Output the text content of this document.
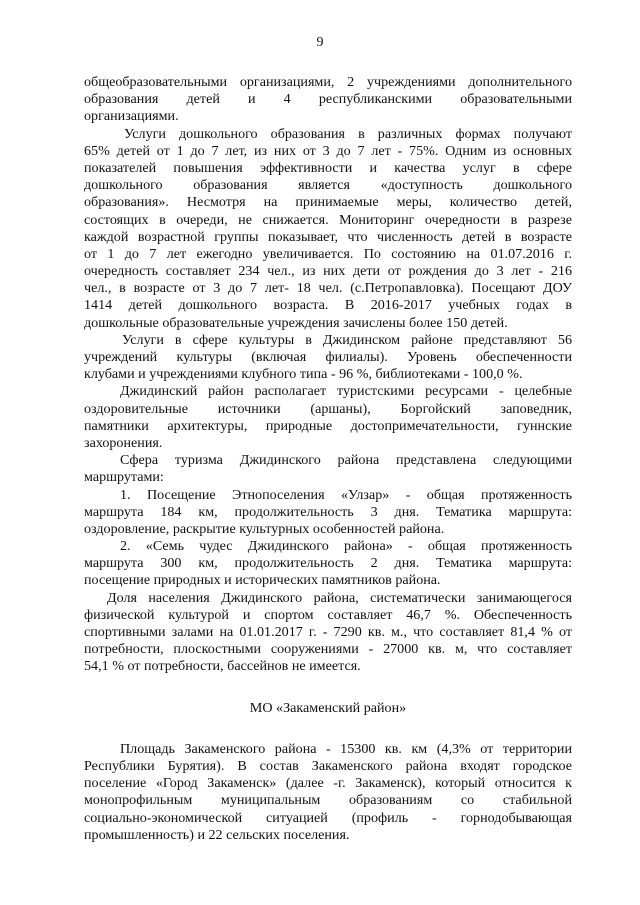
9
общеобразовательными организациями, 2 учреждениями дополнительного
образования детей и 4 республиканскими образовательными
организациями.
Услуги дошкольного образования в различных формах получают
65% детей от 1 до 7 лет, из них от 3 до 7 лет - 75%. Одним из основных
показателей повышения эффективности и качества услуг в сфере
дошкольного образования является «доступность дошкольного
образования». Несмотря на принимаемые меры, количество детей,
состоящих в очереди, не снижается. Мониторинг очередности в разрезе
каждой возрастной группы показывает, что численность детей в возрасте
от 1 до 7 лет ежегодно увеличивается. По состоянию на 01.07.2016 г.
очередность составляет 234 чел., из них дети от рождения до 3 лет - 216
чел., в возрасте от 3 до 7 лет- 18 чел. (с.Петропавловка). Посещают ДОУ
1414 детей дошкольного возраста. В 2016-2017 учебных годах в
дошкольные образовательные учреждения зачислены более 150 детей.
Услуги в сфере культуры в Джидинском районе представляют 56
учреждений культуры (включая филиалы). Уровень обеспеченности
клубами и учреждениями клубного типа - 96 %, библиотеками - 100,0 %.
Джидинский район располагает туристскими ресурсами - целебные
оздоровительные источники (аршаны), Боргойский заповедник,
памятники архитектуры, природные достопримечательности, гуннские
захоронения.
Сфера туризма Джидинского района представлена следующими
маршрутами:
1. Посещение Этнопоселения «Улзар» - общая протяженность
маршрута 184 км, продолжительность 3 дня. Тематика маршрута:
оздоровление, раскрытие культурных особенностей района.
2. «Семь чудес Джидинского района» - общая протяженность
маршрута 300 км, продолжительность 2 дня. Тематика маршрута:
посещение природных и исторических памятников района.
Доля населения Джидинского района, систематически занимающегося
физической культурой и спортом составляет 46,7 %. Обеспеченность
спортивными залами на 01.01.2017 г. - 7290 кв. м., что составляет 81,4 % от
потребности, плоскостными сооружениями - 27000 кв. м, что составляет
54,1 % от потребности, бассейнов не имеется.
МО «Закаменский район»
Площадь Закаменского района - 15300 кв. км (4,3% от территории
Республики Бурятия). В состав Закаменского района входят городское
поселение «Город Закаменск» (далее -г. Закаменск), который относится к
монопрофильным муниципальным образованиям со стабильной
социально-экономической ситуацией (профиль - горнодобывающая
промышленность) и 22 сельских поселения.
